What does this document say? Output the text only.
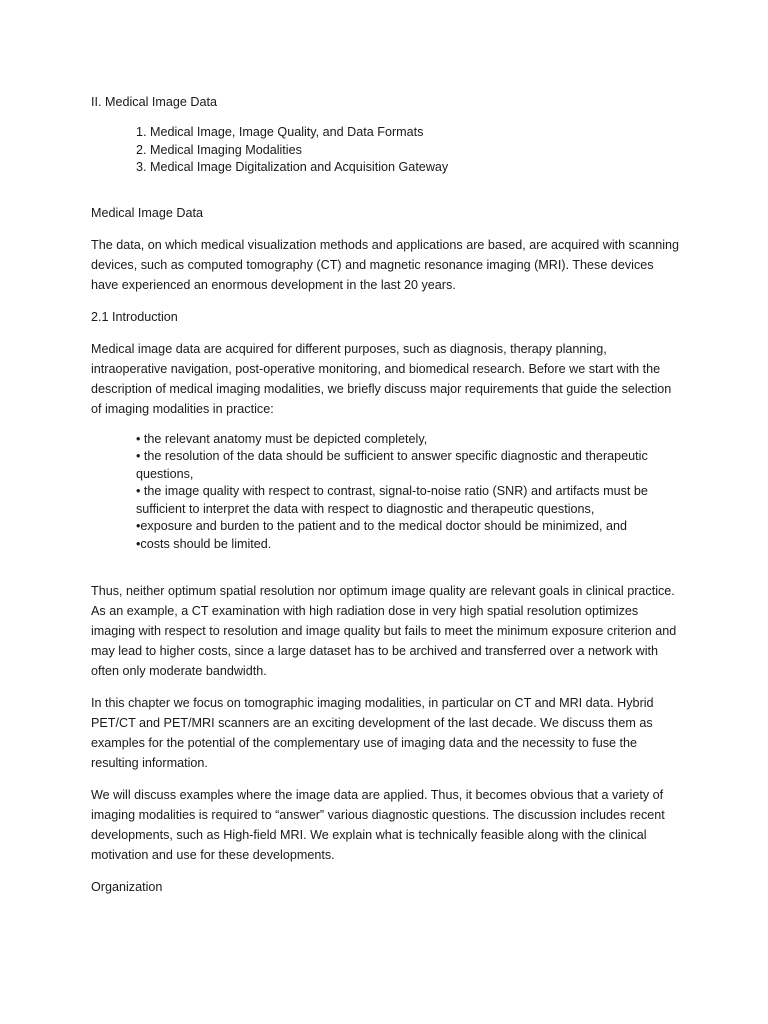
II. Medical Image Data
1. Medical Image, Image Quality, and Data Formats
2. Medical Imaging Modalities
3. Medical Image Digitalization and Acquisition Gateway
Medical Image Data

The data, on which medical visualization methods and applications are based, are acquired with scanning devices, such as computed tomography (CT) and magnetic resonance imaging (MRI). These devices have experienced an enormous development in the last 20 years.

2.1 Introduction

Medical image data are acquired for different purposes, such as diagnosis, therapy planning, intraoperative navigation, post-operative monitoring, and biomedical research. Before we start with the description of medical imaging modalities, we briefly discuss major requirements that guide the selection of imaging modalities in practice:

• the relevant anatomy must be depicted completely,
• the resolution of the data should be sufficient to answer specific diagnostic and therapeutic questions,
• the image quality with respect to contrast, signal-to-noise ratio (SNR) and artifacts must be sufficient to interpret the data with respect to diagnostic and therapeutic questions,
•exposure and burden to the patient and to the medical doctor should be minimized, and
•costs should be limited.

Thus, neither optimum spatial resolution nor optimum image quality are relevant goals in clinical practice. As an example, a CT examination with high radiation dose in very high spatial resolution optimizes imaging with respect to resolution and image quality but fails to meet the minimum exposure criterion and may lead to higher costs, since a large dataset has to be archived and transferred over a network with often only moderate bandwidth.

In this chapter we focus on tomographic imaging modalities, in particular on CT and MRI data. Hybrid PET/CT and PET/MRI scanners are an exciting development of the last decade. We discuss them as examples for the potential of the complementary use of imaging data and the necessity to fuse the resulting information.

We will discuss examples where the image data are applied. Thus, it becomes obvious that a variety of imaging modalities is required to “answer” various diagnostic questions. The discussion includes recent developments, such as High-field MRI. We explain what is technically feasible along with the clinical motivation and use for these developments.

Organization
